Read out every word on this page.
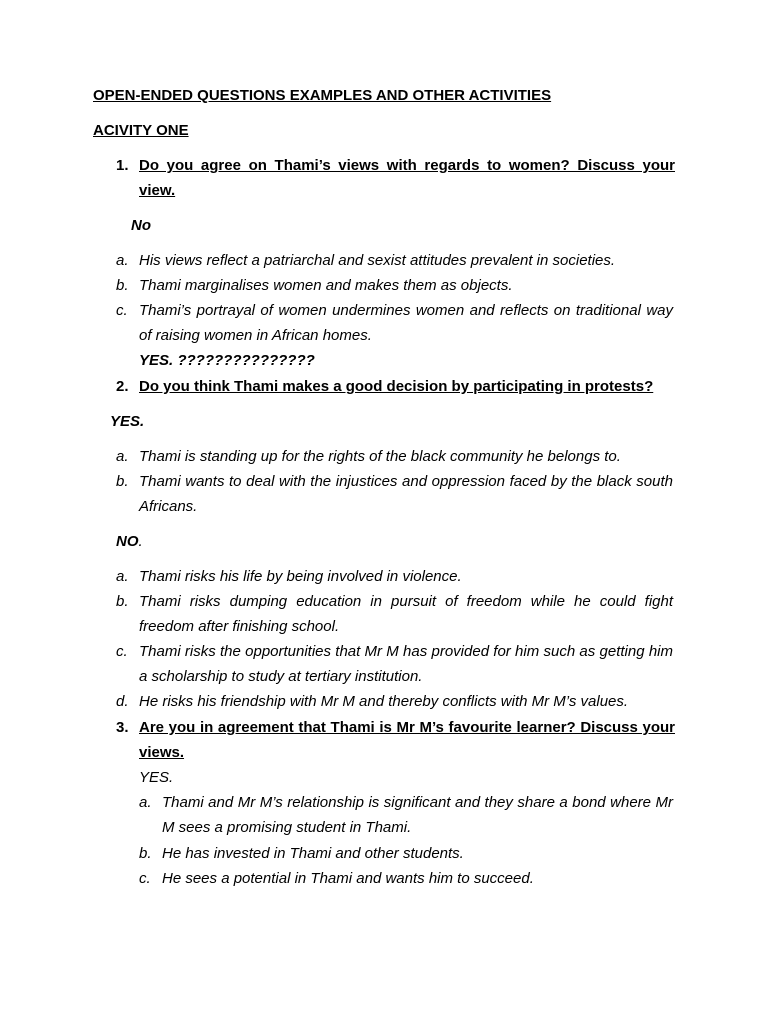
OPEN-ENDED QUESTIONS EXAMPLES AND OTHER ACTIVITIES

ACIVITY ONE

1. Do you agree on Thami’s views with regards to women? Discuss your view.
No
a. His views reflect a patriarchal and sexist attitudes prevalent in societies.
b. Thami marginalises women and makes them as objects.
c. Thami’s portrayal of women undermines women and reflects on traditional way of raising women in African homes.
YES. ???????????????
2. Do you think Thami makes a good decision by participating in protests?
YES.
a. Thami is standing up for the rights of the black community he belongs to.
b. Thami wants to deal with the injustices and oppression faced by the black south Africans.
NO.
a. Thami risks his life by being involved in violence.
b. Thami risks dumping education in pursuit of freedom while he could fight freedom after finishing school.
c. Thami risks the opportunities that Mr M has provided for him such as getting him a scholarship to study at tertiary institution.
d. He risks his friendship with Mr M and thereby conflicts with Mr M’s values.
3. Are you in agreement that Thami is Mr M’s favourite learner? Discuss your views.
YES.
a. Thami and Mr M’s relationship is significant and they share a bond where Mr M sees a promising student in Thami.
b. He has invested in Thami and other students.
c. He sees a potential in Thami and wants him to succeed.
